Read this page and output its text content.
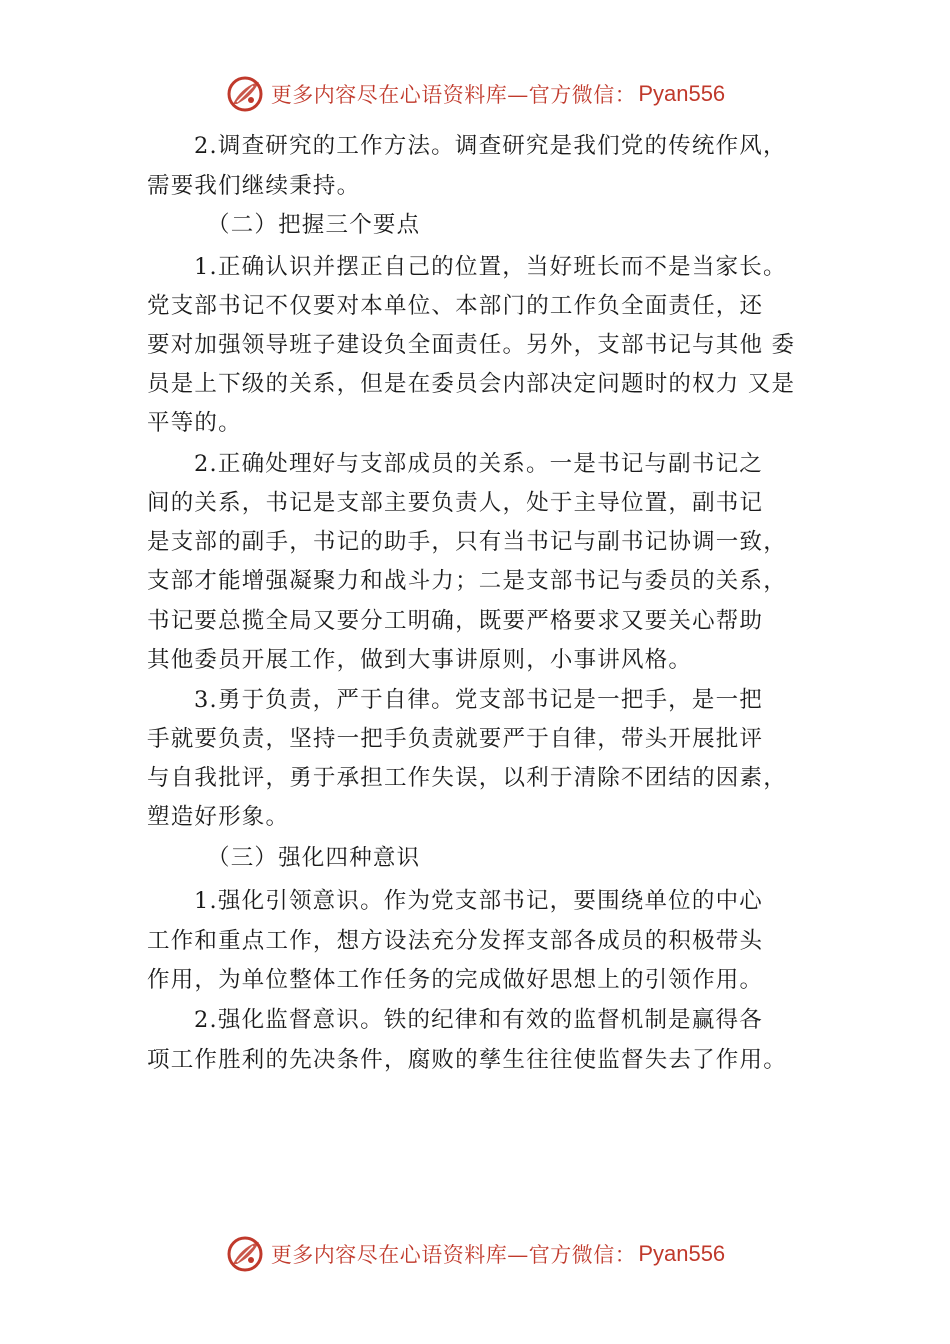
更多内容尽在心语资料库—官方微信： Pyan556
2.调查研究的工作方法。调查研究是我们党的传统作风，
需要我们继续秉持。
（二）把握三个要点
1.正确认识并摆正自己的位置，当好班长而不是当家长。
党支部书记不仅要对本单位、本部门的工作负全面责任，还
要对加强领导班子建设负全面责任。另外，支部书记与其他 委
员是上下级的关系，但是在委员会内部决定问题时的权力 又是
平等的。
2.正确处理好与支部成员的关系。一是书记与副书记之
间的关系，书记是支部主要负责人，处于主导位置，副书记
是支部的副手，书记的助手，只有当书记与副书记协调一致，
支部才能增强凝聚力和战斗力；二是支部书记与委员的关系，
书记要总揽全局又要分工明确，既要严格要求又要关心帮助
其他委员开展工作，做到大事讲原则，小事讲风格。
3.勇于负责，严于自律。党支部书记是一把手，是一把
手就要负责，坚持一把手负责就要严于自律，带头开展批评
与自我批评，勇于承担工作失误，以利于清除不团结的因素，
塑造好形象。
（三）强化四种意识
1.强化引领意识。作为党支部书记，要围绕单位的中心
工作和重点工作，想方设法充分发挥支部各成员的积极带头
作用，为单位整体工作任务的完成做好思想上的引领作用。
2.强化监督意识。铁的纪律和有效的监督机制是赢得各
项工作胜利的先决条件，腐败的孳生往往使监督失去了作用。
更多内容尽在心语资料库—官方微信： Pyan556
